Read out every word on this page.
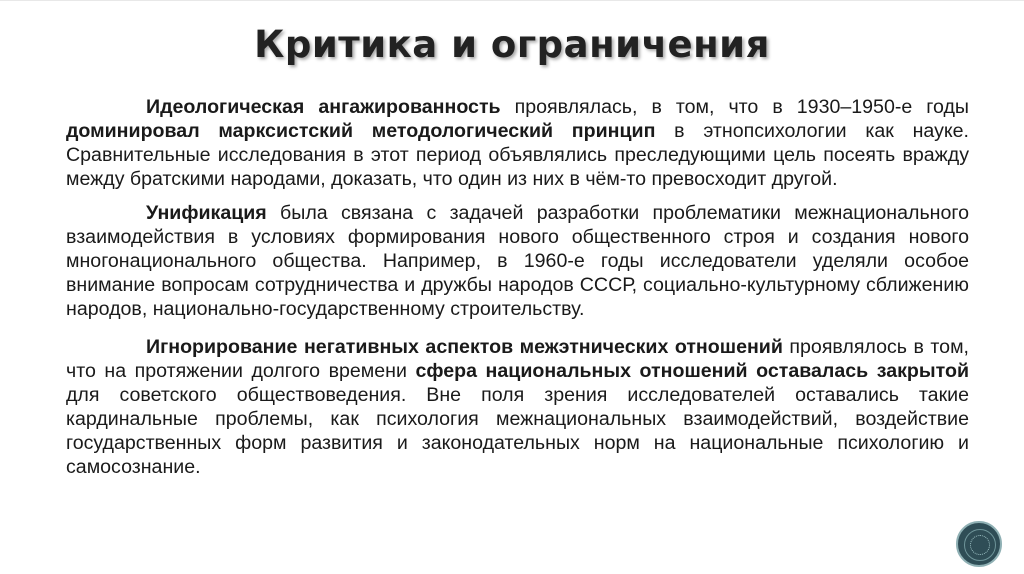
Критика и ограничения

Идеологическая ангажированность проявлялась, в том, что в 1930–1950-е годы доминировал марксистский методологический принцип в этнопсихологии как науке. Сравнительные исследования в этот период объявлялись преследующими цель посеять вражду между братскими народами, доказать, что один из них в чём-то превосходит другой.

Унификация была связана с задачей разработки проблематики межнационального взаимодействия в условиях формирования нового общественного строя и создания нового многонационального общества. Например, в 1960-е годы исследователи уделяли особое внимание вопросам сотрудничества и дружбы народов СССР, социально-культурному сближению народов, национально-государственному строительству.

Игнорирование негативных аспектов межэтнических отношений проявлялось в том, что на протяжении долгого времени сфера национальных отношений оставалась закрытой для советского обществоведения. Вне поля зрения исследователей оставались такие кардинальные проблемы, как психология межнациональных взаимодействий, воздействие государственных форм развития и законодательных норм на национальные психологию и самосознание.
